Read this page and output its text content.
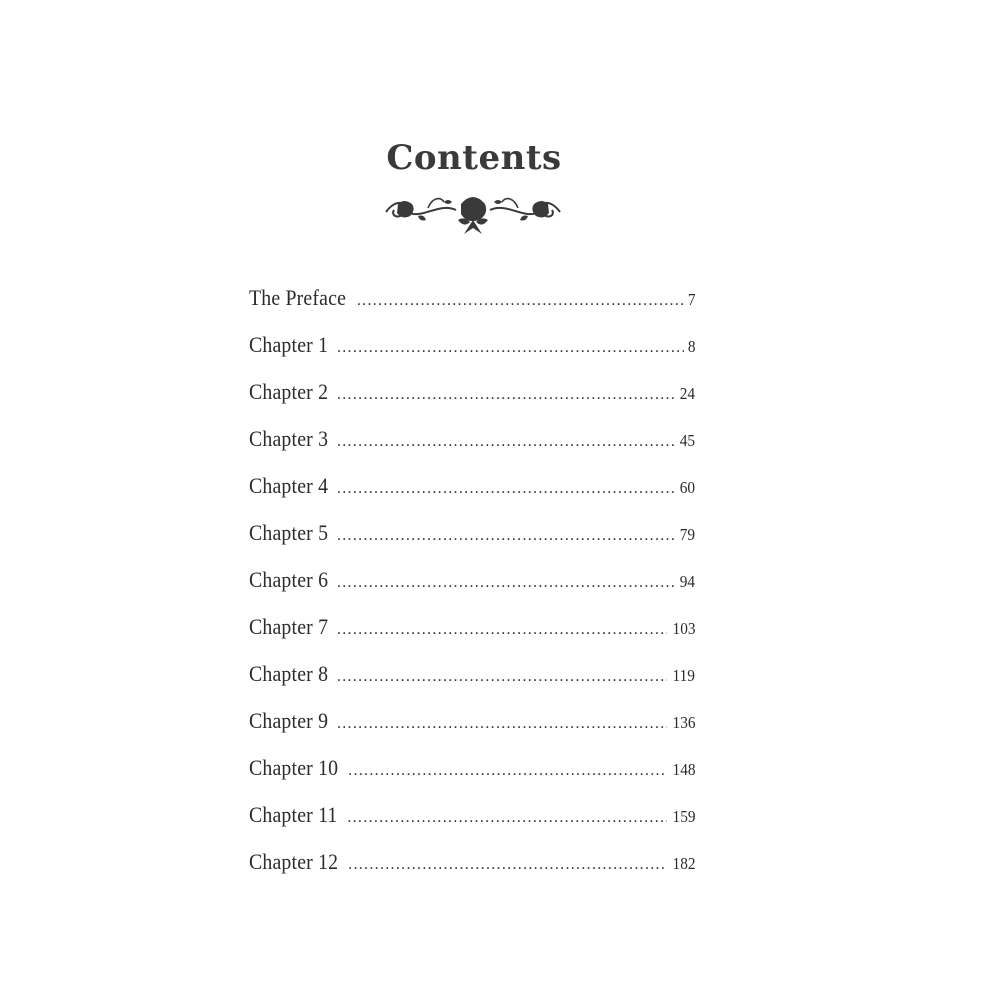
Contents
The Preface .....	7
Chapter 1 .....	8
Chapter 2 .....	24
Chapter 3 .....	45
Chapter 4 .....	60
Chapter 5 .....	79
Chapter 6 .....	94
Chapter 7 .....	103
Chapter 8 .....	119
Chapter 9 .....	136
Chapter 10 .....	148
Chapter 11 .....	159
Chapter 12 .....	182
